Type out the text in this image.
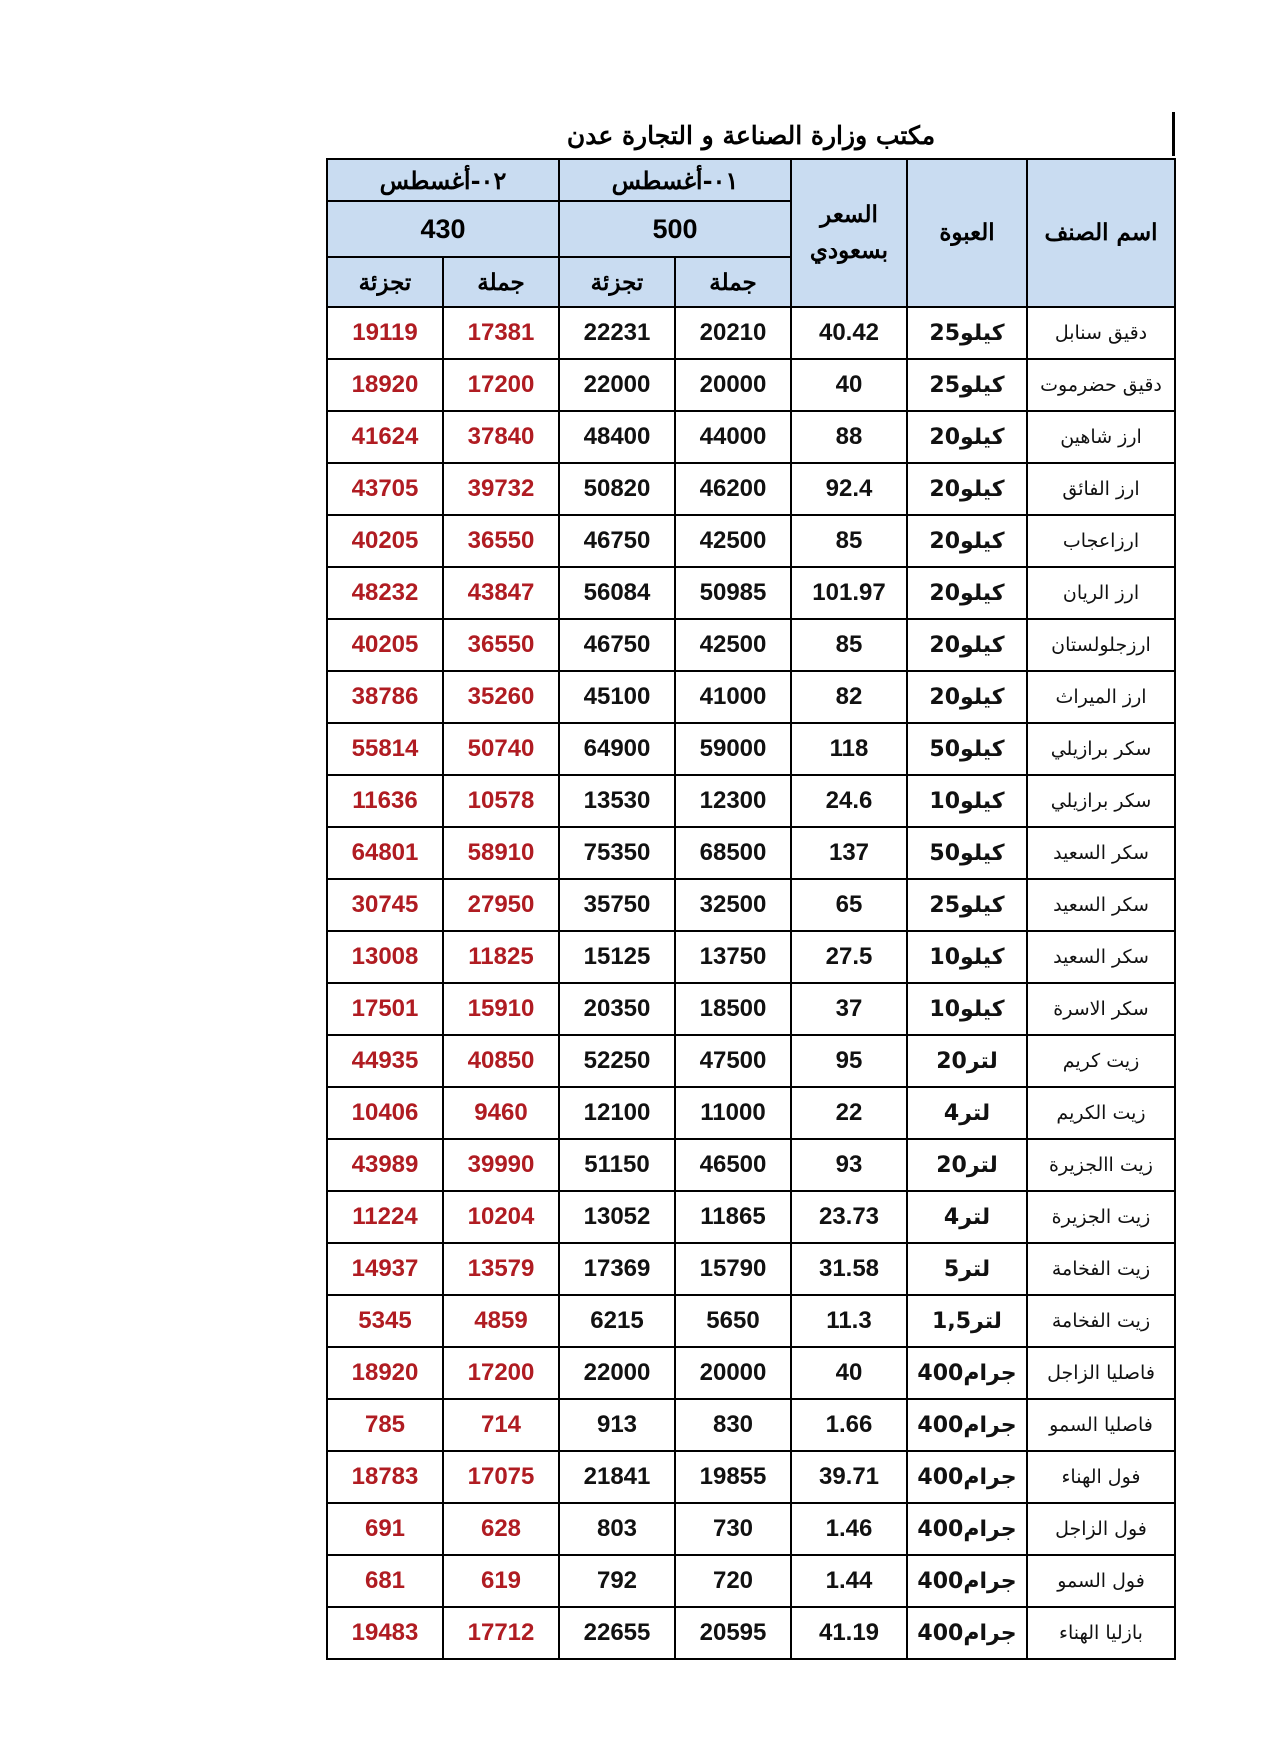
مكتب وزارة الصناعة و التجارة عدن
٠٢-أغسطس		٠١-أغسطس		السعر بسعودي	العبوة	اسم الصنف
430		500				
تجزئة	جملة	تجزئة	جملة			
19119	17381	22231	20210	40.42	25كيلو	دقيق سنابل
18920	17200	22000	20000	40	25كيلو	دقيق حضرموت
41624	37840	48400	44000	88	20كيلو	ارز شاهين
43705	39732	50820	46200	92.4	20كيلو	ارز الفائق
40205	36550	46750	42500	85	20كيلو	ارزاعجاب
48232	43847	56084	50985	101.97	20كيلو	ارز الريان
40205	36550	46750	42500	85	20كيلو	ارزجلولستان
38786	35260	45100	41000	82	20كيلو	ارز الميراث
55814	50740	64900	59000	118	50كيلو	سكر برازيلي
11636	10578	13530	12300	24.6	10كيلو	سكر برازيلي
64801	58910	75350	68500	137	50كيلو	سكر السعيد
30745	27950	35750	32500	65	25كيلو	سكر السعيد
13008	11825	15125	13750	27.5	10كيلو	سكر السعيد
17501	15910	20350	18500	37	10كيلو	سكر الاسرة
44935	40850	52250	47500	95	20لتر	زيت كريم
10406	9460	12100	11000	22	4لتر	زيت الكريم
43989	39990	51150	46500	93	20لتر	زيت االجزيرة
11224	10204	13052	11865	23.73	4لتر	زيت الجزيرة
14937	13579	17369	15790	31.58	5لتر	زيت الفخامة
5345	4859	6215	5650	11.3	1,5لتر	زيت الفخامة
18920	17200	22000	20000	40	400جرام	فاصليا الزاجل
785	714	913	830	1.66	400جرام	فاصليا السمو
18783	17075	21841	19855	39.71	400جرام	فول الهناء
691	628	803	730	1.46	400جرام	فول الزاجل
681	619	792	720	1.44	400جرام	فول السمو
19483	17712	22655	20595	41.19	400جرام	بازليا الهناء
